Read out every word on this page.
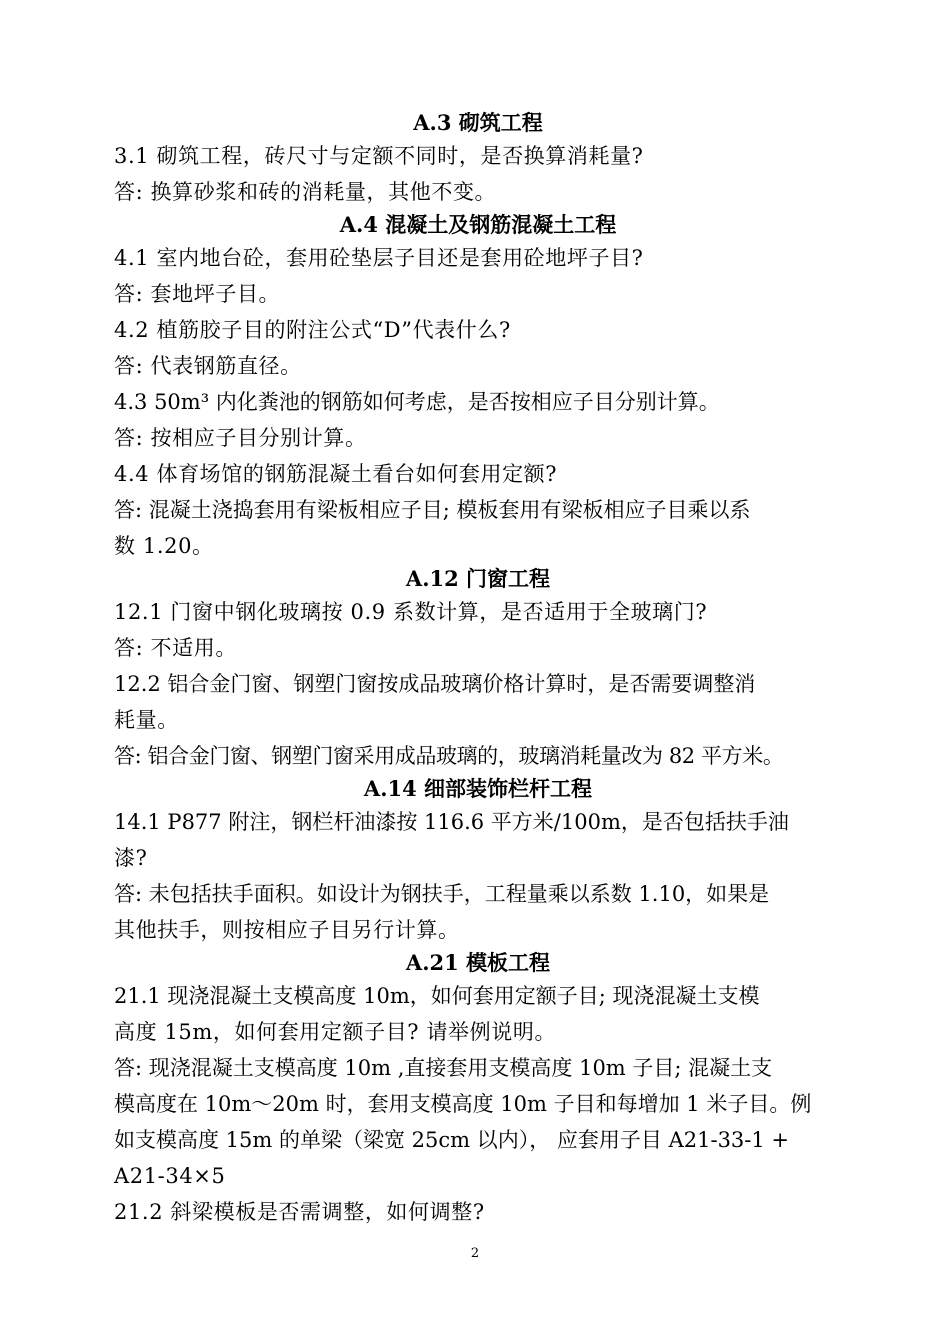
A.3 砌筑工程
3.1 砌筑工程，砖尺寸与定额不同时，是否换算消耗量?
答: 换算砂浆和砖的消耗量，其他不变。
A.4 混凝土及钢筋混凝土工程
4.1 室内地台砼，套用砼垫层子目还是套用砼地坪子目?
答: 套地坪子目。
4.2 植筋胶子目的附注公式“D”代表什么?
答: 代表钢筋直径。
4.3 50m³ 内化粪池的钢筋如何考虑，是否按相应子目分别计算。
答: 按相应子目分别计算。
4.4 体育场馆的钢筋混凝土看台如何套用定额?
答: 混凝土浇捣套用有梁板相应子目; 模板套用有梁板相应子目乘以系
数 1.20。
A.12 门窗工程
12.1 门窗中钢化玻璃按 0.9 系数计算，是否适用于全玻璃门?
答: 不适用。
12.2 铝合金门窗、钢塑门窗按成品玻璃价格计算时，是否需要调整消
耗量。
答: 铝合金门窗、钢塑门窗采用成品玻璃的，玻璃消耗量改为 82 平方米。
A.14 细部装饰栏杆工程
14.1 P877 附注，钢栏杆油漆按 116.6 平方米/100m，是否包括扶手油
漆?
答: 未包括扶手面积。如设计为钢扶手，工程量乘以系数 1.10，如果是
其他扶手，则按相应子目另行计算。
A.21 模板工程
21.1 现浇混凝土支模高度 10m，如何套用定额子目; 现浇混凝土支模
高度 15m，如何套用定额子目? 请举例说明。
答: 现浇混凝土支模高度 10m ,直接套用支模高度 10m 子目; 混凝土支
模高度在 10m～20m 时，套用支模高度 10m 子目和每增加 1 米子目。例
如支模高度 15m 的单梁（梁宽 25cm 以内）， 应套用子目 A21-33-1 +
A21-34×5
21.2 斜梁模板是否需调整，如何调整?
2
